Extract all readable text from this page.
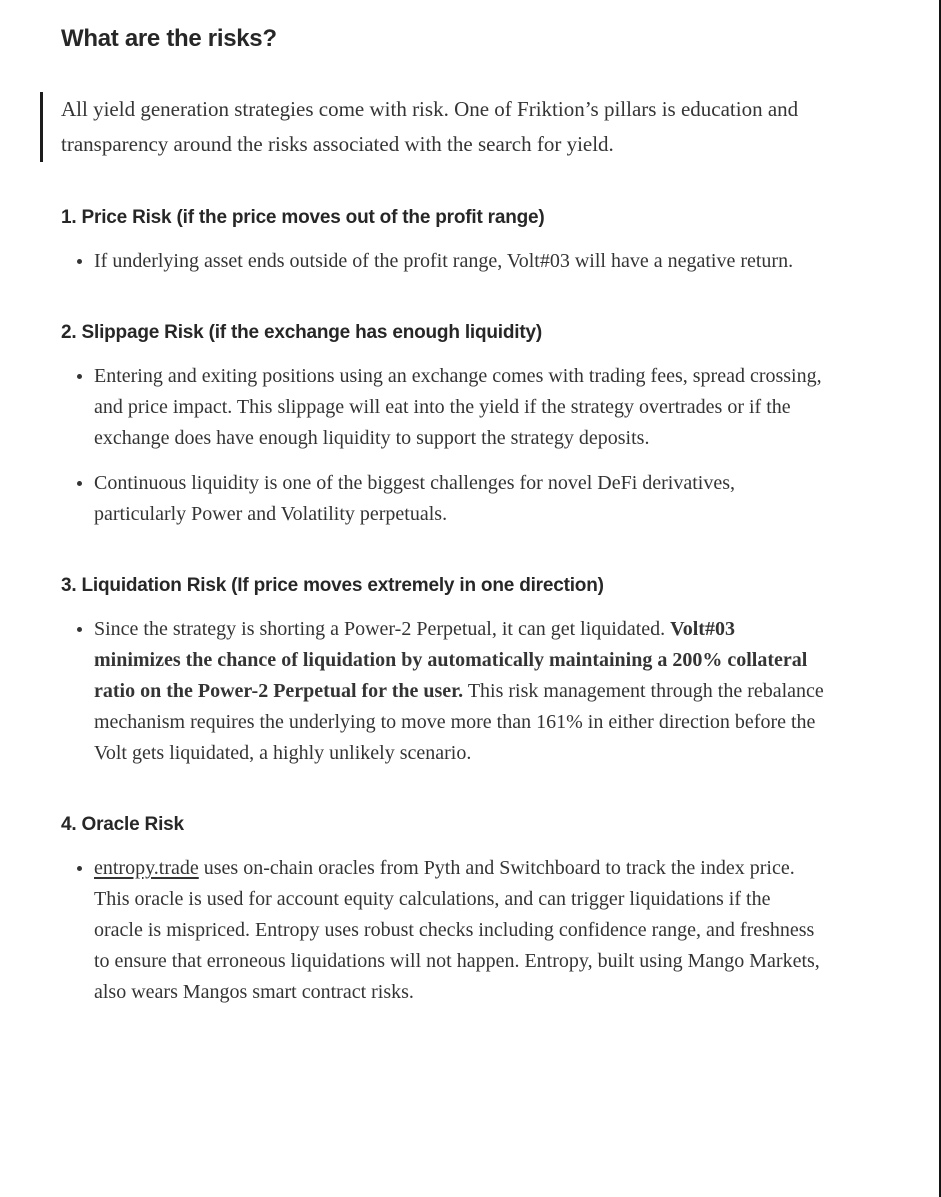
What are the risks?

All yield generation strategies come with risk. One of Friktion’s pillars is education and transparency around the risks associated with the search for yield.

1. Price Risk (if the price moves out of the profit range)
• If underlying asset ends outside of the profit range, Volt#03 will have a negative return.
2. Slippage Risk (if the exchange has enough liquidity)
• Entering and exiting positions using an exchange comes with trading fees, spread crossing, and price impact. This slippage will eat into the yield if the strategy overtrades or if the exchange does have enough liquidity to support the strategy deposits.
• Continuous liquidity is one of the biggest challenges for novel DeFi derivatives, particularly Power and Volatility perpetuals.
3. Liquidation Risk (If price moves extremely in one direction)
• Since the strategy is shorting a Power-2 Perpetual, it can get liquidated. Volt#03 minimizes the chance of liquidation by automatically maintaining a 200% collateral ratio on the Power-2 Perpetual for the user. This risk management through the rebalance mechanism requires the underlying to move more than 161% in either direction before the Volt gets liquidated, a highly unlikely scenario.
4. Oracle Risk
• entropy.trade uses on-chain oracles from Pyth and Switchboard to track the index price. This oracle is used for account equity calculations, and can trigger liquidations if the oracle is mispriced. Entropy uses robust checks including confidence range, and freshness to ensure that erroneous liquidations will not happen. Entropy, built using Mango Markets, also wears Mangos smart contract risks.
